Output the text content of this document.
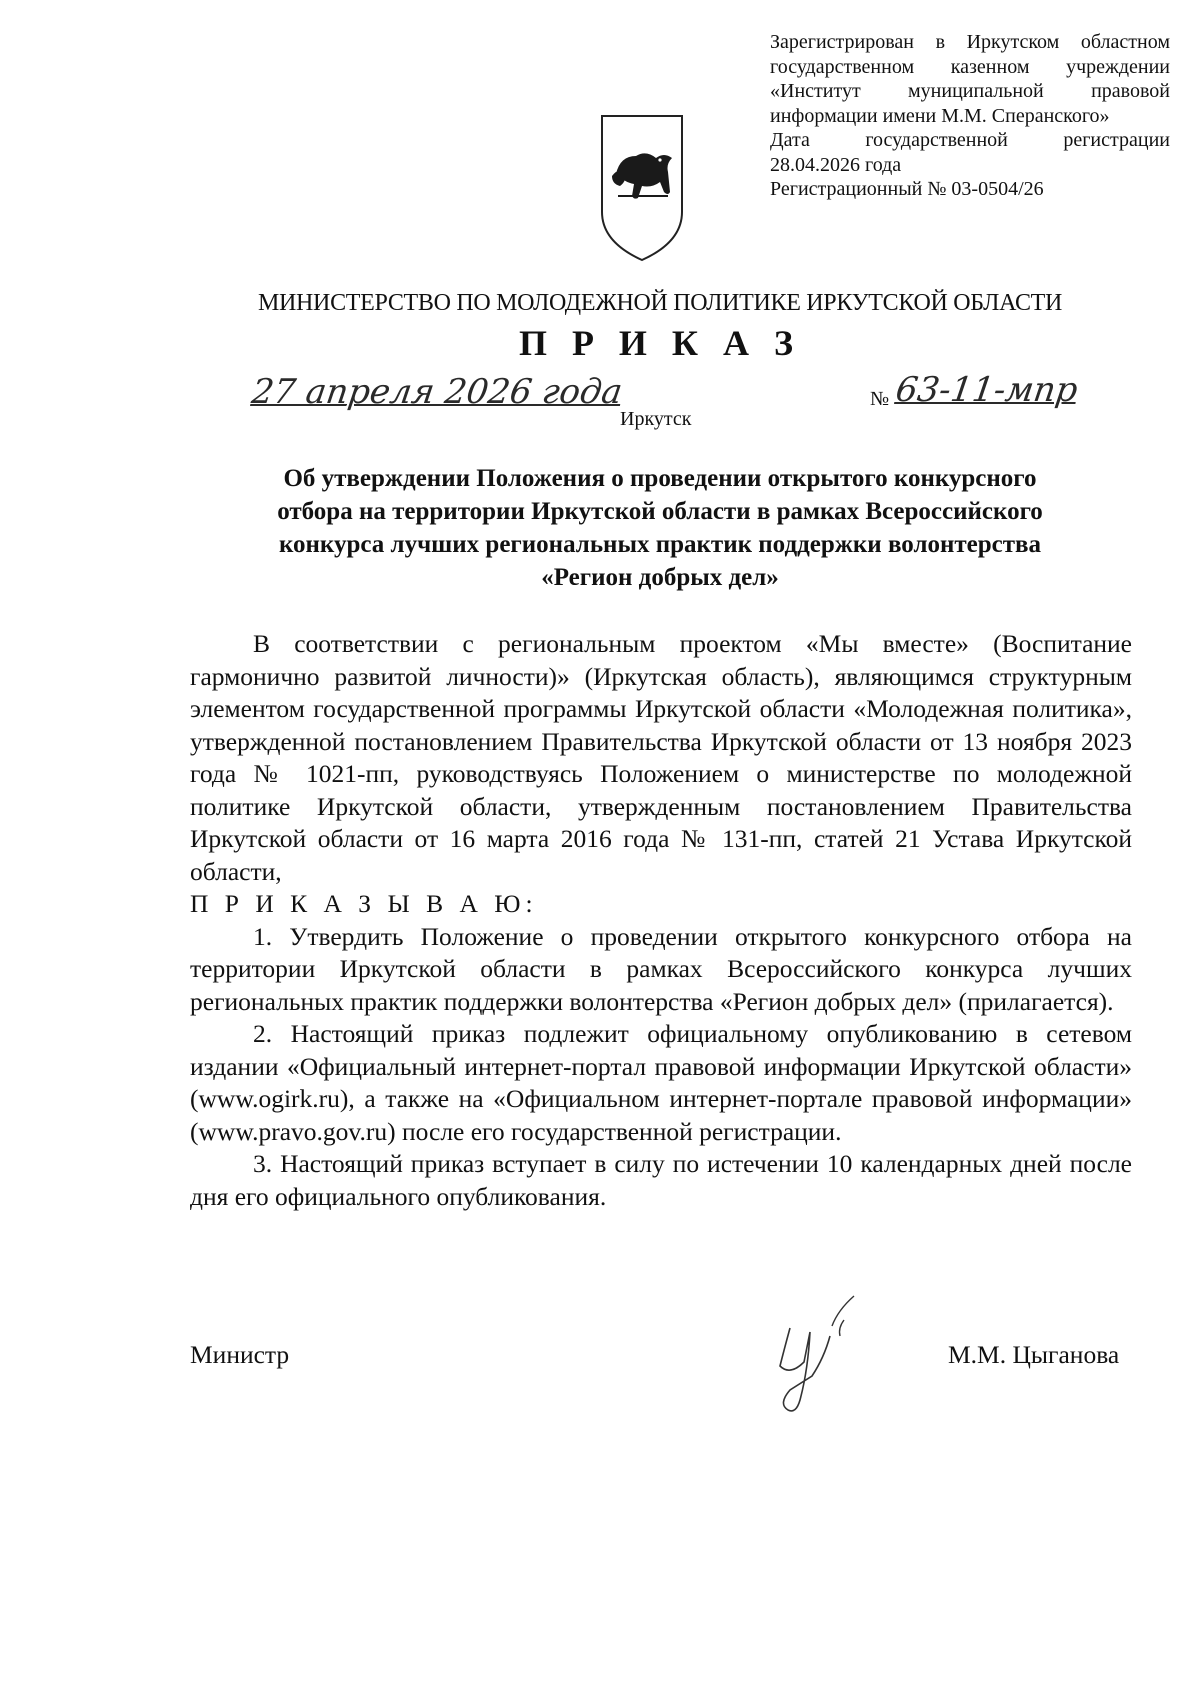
Зарегистрирован в Иркутском областном
государственном казенном учреждении
«Институт муниципальной правовой
информации имени М.М. Сперанского»
Дата государственной регистрации
28.04.2026 года
Регистрационный № 03-0504/26
МИНИСТЕРСТВО ПО МОЛОДЕЖНОЙ ПОЛИТИКЕ ИРКУТСКОЙ ОБЛАСТИ
П Р И К А З
27 апреля 2026 года
Иркутск
№ 63-11-мпр
Об утверждении Положения о проведении открытого конкурсного
отбора на территории Иркутской области в рамках Всероссийского
конкурса лучших региональных практик поддержки волонтерства
«Регион добрых дел»

В соответствии с региональным проектом «Мы вместе» (Воспитание гармонично развитой личности)» (Иркутская область), являющимся структурным элементом государственной программы Иркутской области «Молодежная политика», утвержденной постановлением Правительства Иркутской области от 13 ноября 2023 года № 1021-пп, руководствуясь Положением о министерстве по молодежной политике Иркутской области, утвержденным постановлением Правительства Иркутской области от 16 марта 2016 года № 131-пп, статей 21 Устава Иркутской области,

П Р И К А З Ы В А Ю:

1. Утвердить Положение о проведении открытого конкурсного отбора на территории Иркутской области в рамках Всероссийского конкурса лучших региональных практик поддержки волонтерства «Регион добрых дел» (прилагается).

2. Настоящий приказ подлежит официальному опубликованию в сетевом издании «Официальный интернет-портал правовой информации Иркутской области» (www.ogirk.ru), а также на «Официальном интернет-портале правовой информации» (www.pravo.gov.ru) после его государственной регистрации.

3. Настоящий приказ вступает в силу по истечении 10 календарных дней после дня его официального опубликования.

Министр	М.М. Цыганова
